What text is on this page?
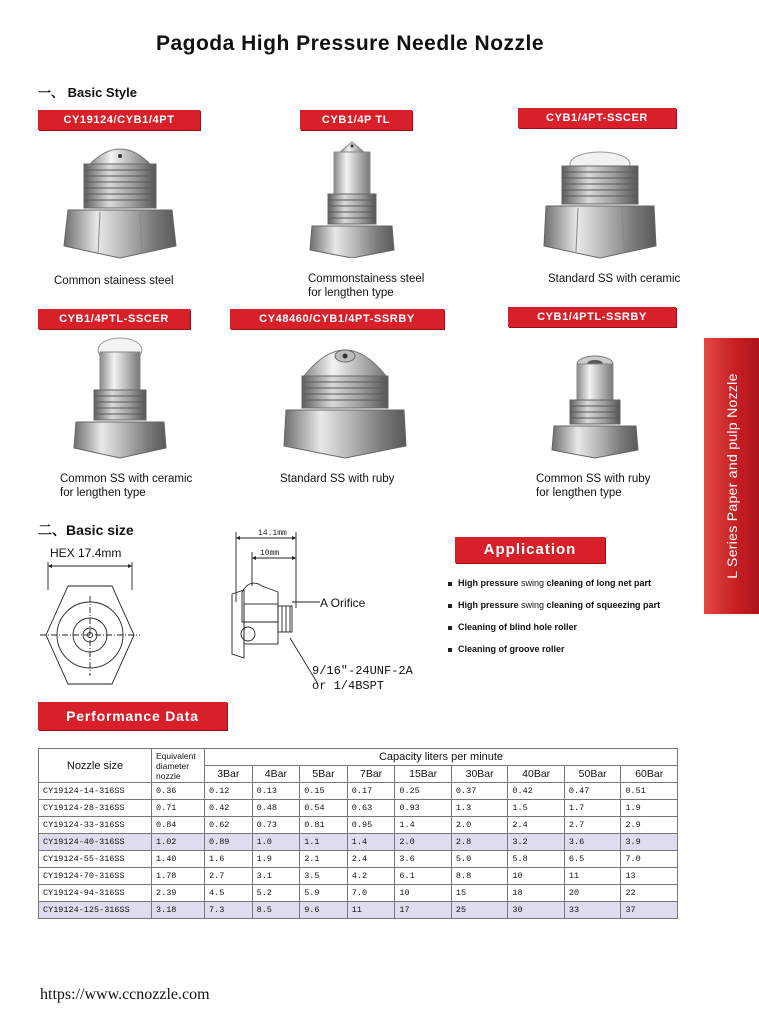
Pagoda High Pressure Needle Nozzle
一、 Basic Style
CY19124/CYB1/4PT	CYB1/4P TL	CYB1/4PT-SSCER
Common stainess steel	Commonstainess steel
for lengthen type
Standard SS with ceramic
CYB1/4PTL-SSCER	CY48460/CYB1/4PT-SSRBY	CYB1/4PTL-SSRBY
Common SS with ceramic
for lengthen type
Standard SS with ruby	Common SS with ruby
for lengthen type	L Series Paper and pulp Nozzle
二、Basic size
HEX 17.4mm
14.1mm
10mm
A Orifice
9/16"-24UNF-2A
or 1/4BSPT
Application
High pressure swing cleaning of long net part
High pressure swing cleaning of squeezing part
Cleaning of blind hole roller
Cleaning of groove roller
Performance Data
Nozzle size	Equivalent
diameter
nozzle	Capacity liters per minute								
		3Bar	4Bar	5Bar	7Bar	15Bar	30Bar	40Bar	50Bar	60Bar
CY19124-14-316SS	0.36	0.12	0.13	0.15	0.17	0.25	0.37	0.42	0.47	0.51
CY19124-28-316SS	0.71	0.42	0.48	0.54	0.63	0.93	1.3	1.5	1.7	1.9
CY19124-33-316SS	0.84	0.62	0.73	0.81	0.95	1.4	2.0	2.4	2.7	2.9
CY19124-40-316SS	1.02	0.89	1.0	1.1	1.4	2.0	2.8	3.2	3.6	3.9
CY19124-55-316SS	1.40	1.6	1.9	2.1	2.4	3.6	5.0	5.8	6.5	7.0
CY19124-70-316SS	1.78	2.7	3.1	3.5	4.2	6.1	8.8	10	11	13
CY19124-94-316SS	2.39	4.5	5.2	5.9	7.0	10	15	18	20	22
CY19124-125-316SS	3.18	7.3	8.5	9.6	11	17	25	30	33	37
https://www.ccnozzle.com
